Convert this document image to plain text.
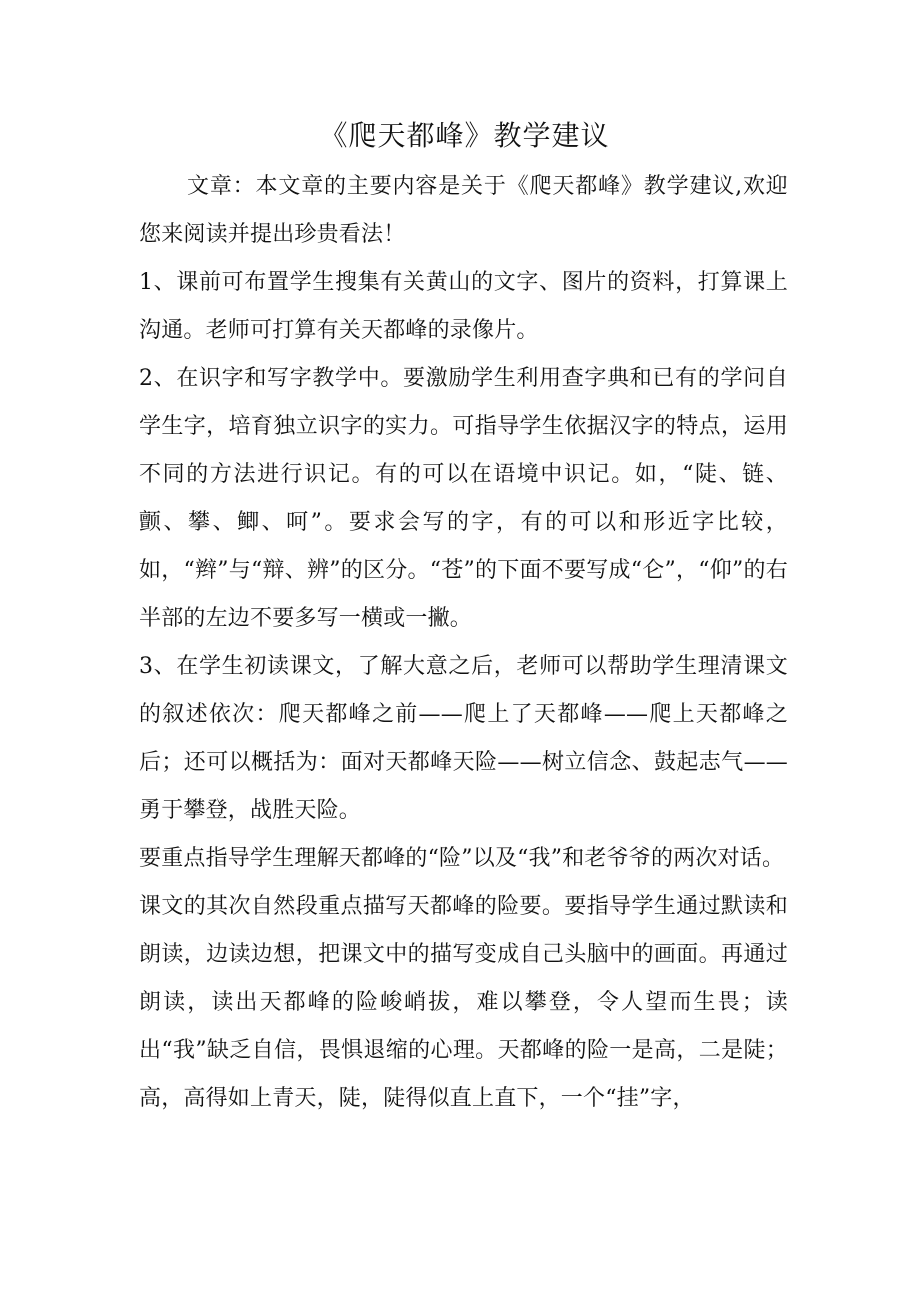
《爬天都峰》教学建议

文章：本文章的主要内容是关于《爬天都峰》教学建议,欢迎您来阅读并提出珍贵看法！

1、课前可布置学生搜集有关黄山的文字、图片的资料，打算课上沟通。老师可打算有关天都峰的录像片。

2、在识字和写字教学中。要激励学生利用查字典和已有的学问自学生字，培育独立识字的实力。可指导学生依据汉字的特点，运用不同的方法进行识记。有的可以在语境中识记。如，“陡、链、颤、攀、鲫、呵”。要求会写的字，有的可以和形近字比较，如，“辫”与“辩、辨”的区分。“苍”的下面不要写成“仑”，“仰”的右半部的左边不要多写一横或一撇。

3、在学生初读课文，了解大意之后，老师可以帮助学生理清课文的叙述依次：爬天都峰之前——爬上了天都峰——爬上天都峰之后；还可以概括为：面对天都峰天险——树立信念、鼓起志气——勇于攀登，战胜天险。

要重点指导学生理解天都峰的“险”以及“我”和老爷爷的两次对话。

课文的其次自然段重点描写天都峰的险要。要指导学生通过默读和朗读，边读边想，把课文中的描写变成自己头脑中的画面。再通过朗读，读出天都峰的险峻峭拔，难以攀登，令人望而生畏；读出“我”缺乏自信，畏惧退缩的心理。天都峰的险一是高，二是陡；高，高得如上青天，陡，陡得似直上直下，一个“挂”字，
